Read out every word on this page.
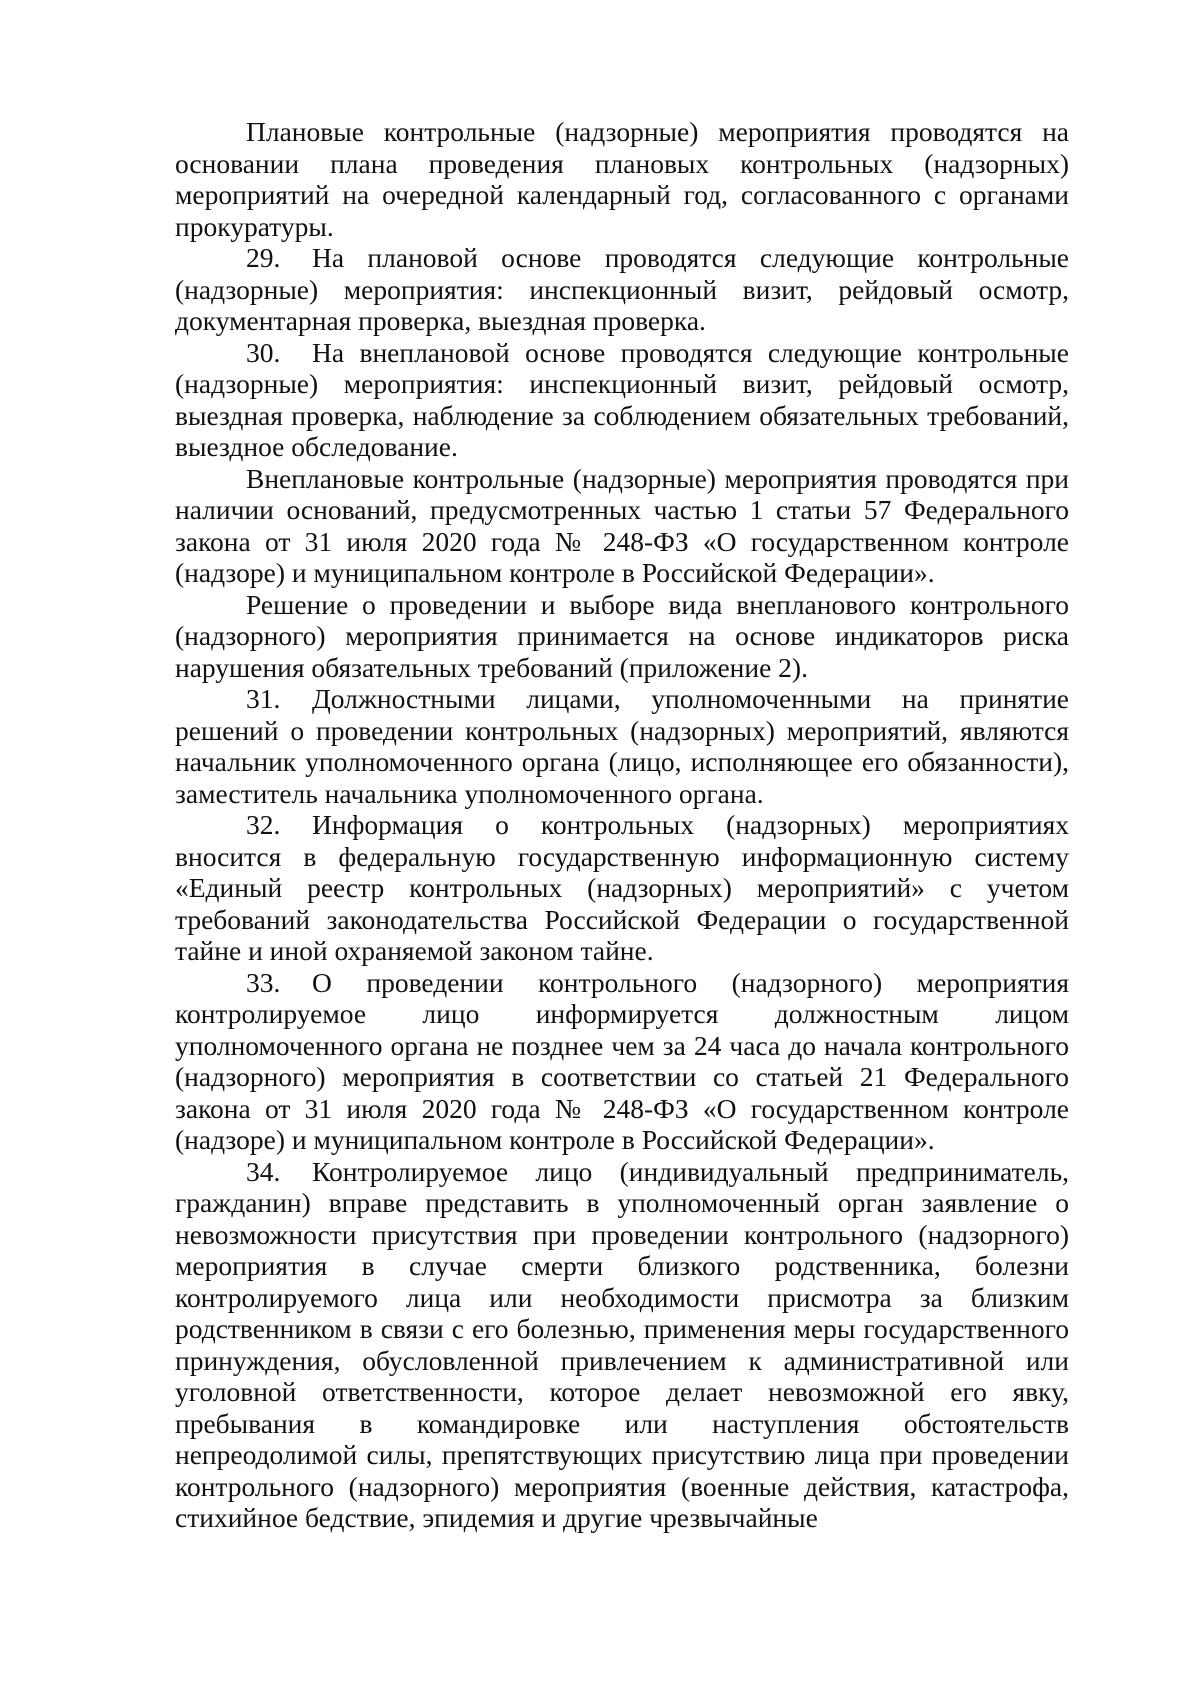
Плановые контрольные (надзорные) мероприятия проводятся на основании плана проведения плановых контрольных (надзорных) мероприятий на очередной календарный год, согласованного с органами прокуратуры.

29. На плановой основе проводятся следующие контрольные (надзорные) мероприятия: инспекционный визит, рейдовый осмотр, документарная проверка, выездная проверка.

30. На внеплановой основе проводятся следующие контрольные (надзорные) мероприятия: инспекционный визит, рейдовый осмотр, выездная проверка, наблюдение за соблюдением обязательных требований, выездное обследование.

Внеплановые контрольные (надзорные) мероприятия проводятся при наличии оснований, предусмотренных частью 1 статьи 57 Федерального закона от 31 июля 2020 года № 248-ФЗ «О государственном контроле (надзоре) и муниципальном контроле в Российской Федерации».

Решение о проведении и выборе вида внепланового контрольного (надзорного) мероприятия принимается на основе индикаторов риска нарушения обязательных требований (приложение 2).

31. Должностными лицами, уполномоченными на принятие решений о проведении контрольных (надзорных) мероприятий, являются начальник уполномоченного органа (лицо, исполняющее его обязанности), заместитель начальника уполномоченного органа.

32. Информация о контрольных (надзорных) мероприятиях вносится в федеральную государственную информационную систему «Единый реестр контрольных (надзорных) мероприятий» с учетом требований законодательства Российской Федерации о государственной тайне и иной охраняемой законом тайне.

33. О проведении контрольного (надзорного) мероприятия контролируемое лицо информируется должностным лицом уполномоченного органа не позднее чем за 24 часа до начала контрольного (надзорного) мероприятия в соответствии со статьей 21 Федерального закона от 31 июля 2020 года № 248-ФЗ «О государственном контроле (надзоре) и муниципальном контроле в Российской Федерации».

34. Контролируемое лицо (индивидуальный предприниматель, гражданин) вправе представить в уполномоченный орган заявление о невозможности присутствия при проведении контрольного (надзорного) мероприятия в случае смерти близкого родственника, болезни контролируемого лица или необходимости присмотра за близким родственником в связи с его болезнью, применения меры государственного принуждения, обусловленной привлечением к административной или уголовной ответственности, которое делает невозможной его явку, пребывания в командировке или наступления обстоятельств непреодолимой силы, препятствующих присутствию лица при проведении контрольного (надзорного) мероприятия (военные действия, катастрофа, стихийное бедствие, эпидемия и другие чрезвычайные
